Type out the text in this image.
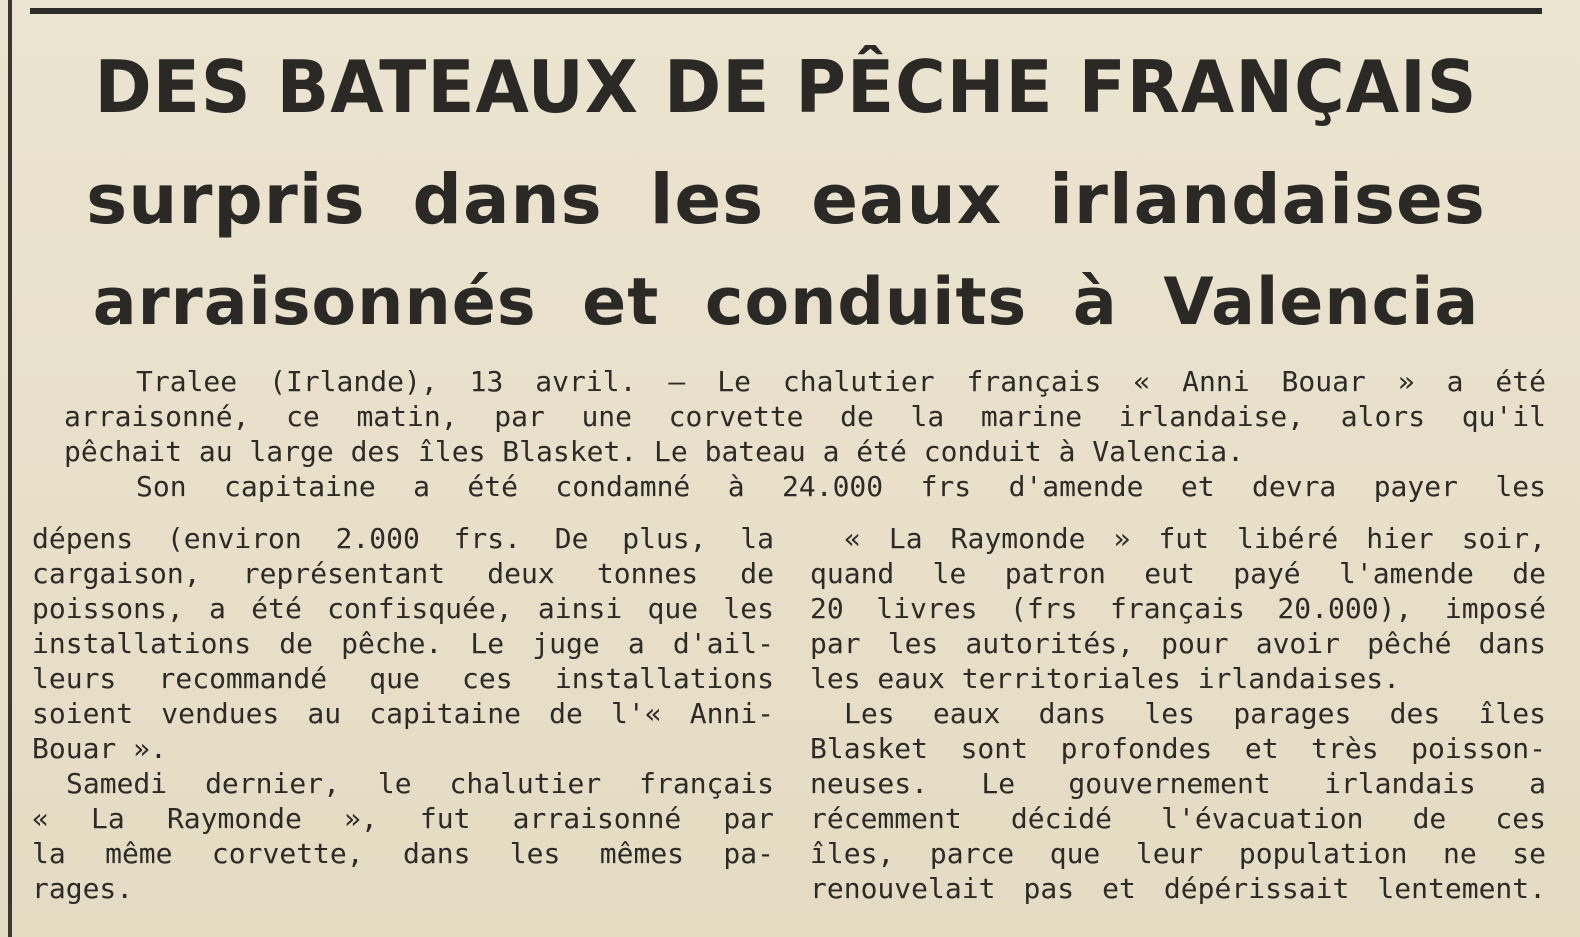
DES BATEAUX DE PÊCHE FRANÇAIS
surpris dans les eaux irlandaises
arraisonnés et conduits à Valencia

Tralee (Irlande), 13 avril. — Le chalutier français « Anni Bouar » a été

arraisonné, ce matin, par une corvette de la marine irlandaise, alors qu'il

pêchait au large des îles Blasket. Le bateau a été conduit à Valencia.

Son capitaine a été condamné à 24.000 frs d'amende et devra payer les

dépens (environ 2.000 frs. De plus, la

cargaison, représentant deux tonnes de

poissons, a été confisquée, ainsi que les

installations de pêche. Le juge a d'ail-

leurs recommandé que ces installations

soient vendues au capitaine de l'« Anni-

Bouar ».

Samedi dernier, le chalutier français

« La Raymonde », fut arraisonné par

la même corvette, dans les mêmes pa-

rages.

« La Raymonde » fut libéré hier soir,

quand le patron eut payé l'amende de

20 livres (frs français 20.000), imposé

par les autorités, pour avoir pêché dans

les eaux territoriales irlandaises.

Les eaux dans les parages des îles

Blasket sont profondes et très poisson-

neuses. Le gouvernement irlandais a

récemment décidé l'évacuation de ces

îles, parce que leur population ne se

renouvelait pas et dépérissait lentement.
